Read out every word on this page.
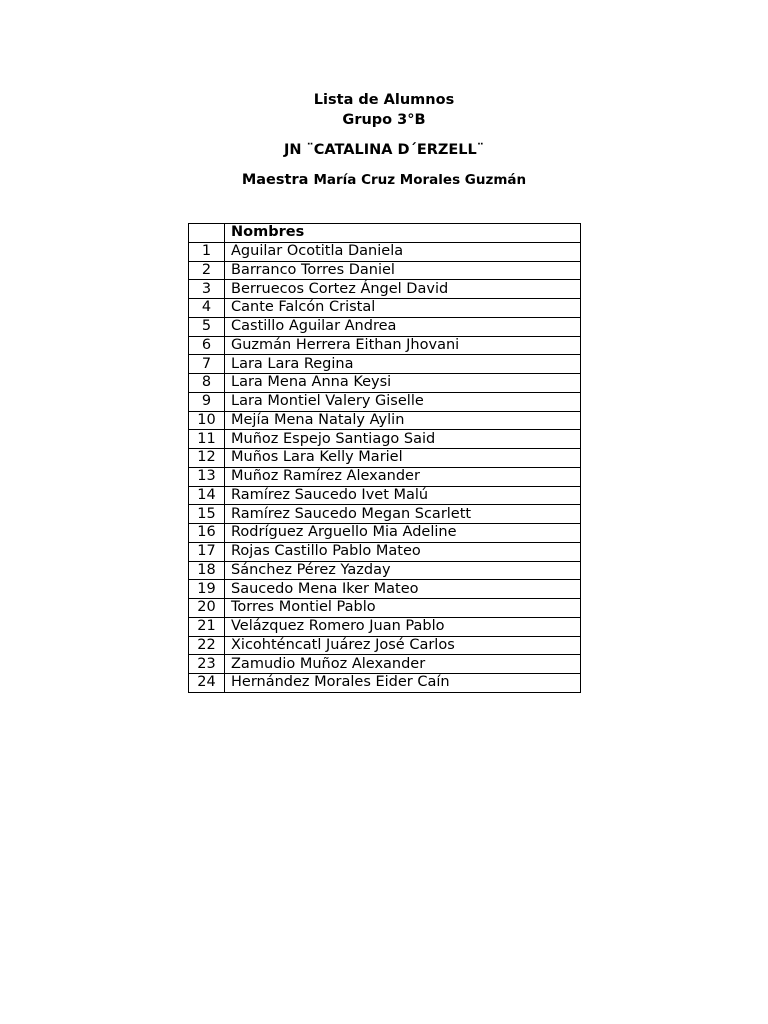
Lista de Alumnos
Grupo 3°B
JN ¨CATALINA D´ERZELL¨
Maestra María Cruz Morales Guzmán
	Nombres
1	Aguilar Ocotitla Daniela
2	Barranco Torres Daniel
3	Berruecos Cortez Ángel David
4	Cante Falcón Cristal
5	Castillo Aguilar Andrea
6	Guzmán Herrera Eithan Jhovani
7	Lara Lara Regina
8	Lara Mena Anna Keysi
9	Lara Montiel Valery Giselle
10	Mejía Mena Nataly Aylin
11	Muñoz Espejo Santiago Said
12	Muños Lara Kelly Mariel
13	Muñoz Ramírez Alexander
14	Ramírez Saucedo Ivet Malú
15	Ramírez Saucedo Megan Scarlett
16	Rodríguez Arguello Mia Adeline
17	Rojas Castillo Pablo Mateo
18	Sánchez Pérez Yazday
19	Saucedo Mena Iker Mateo
20	Torres Montiel Pablo
21	Velázquez Romero Juan Pablo
22	Xicohténcatl Juárez José Carlos
23	Zamudio Muñoz Alexander
24	Hernández Morales Eider Caín
